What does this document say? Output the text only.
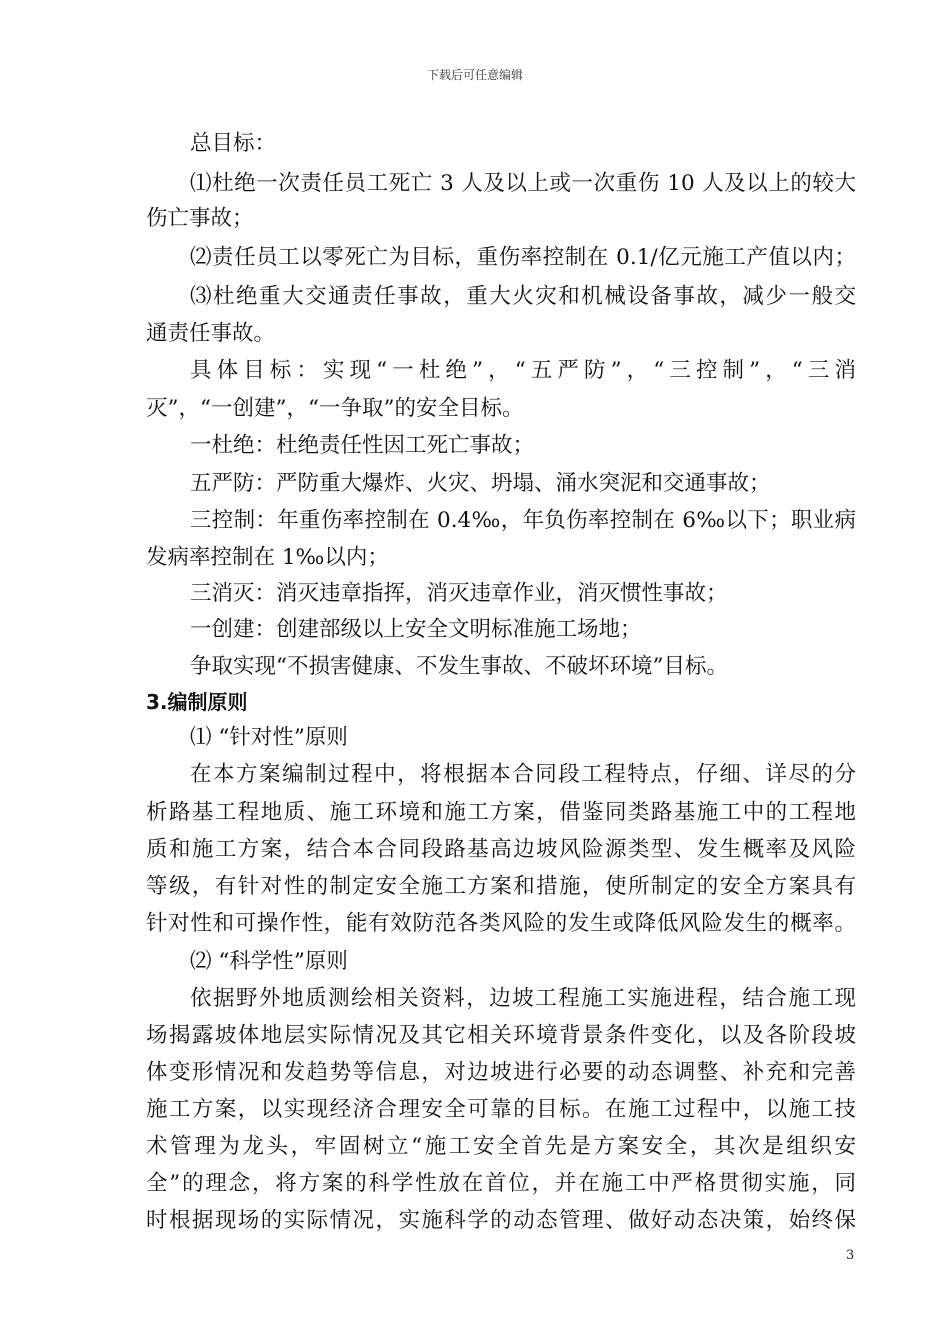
下载后可任意编辑
总目标：
⑴杜绝一次责任员工死亡 3 人及以上或一次重伤 10 人及以上的较大
伤亡事故；
⑵责任员工以零死亡为目标，重伤率控制在 0.1/亿元施工产值以内；
⑶杜绝重大交通责任事故，重大火灾和机械设备事故，减少一般交
通责任事故。
具体目标：实现“一杜绝”，“五严防”，“三控制”，“三消
灭”，“一创建”，“一争取”的安全目标。
一杜绝：杜绝责任性因工死亡事故；
五严防：严防重大爆炸、火灾、坍塌、涌水突泥和交通事故；
三控制：年重伤率控制在 0.4‰，年负伤率控制在 6‰以下；职业病
发病率控制在 1‰以内；
三消灭：消灭违章指挥，消灭违章作业，消灭惯性事故；
一创建：创建部级以上安全文明标准施工场地；
争取实现“不损害健康、不发生事故、不破坏环境”目标。
3.编制原则
⑴ “针对性”原则
在本方案编制过程中，将根据本合同段工程特点，仔细、详尽的分
析路基工程地质、施工环境和施工方案，借鉴同类路基施工中的工程地
质和施工方案，结合本合同段路基高边坡风险源类型、发生概率及风险
等级，有针对性的制定安全施工方案和措施，使所制定的安全方案具有
针对性和可操作性，能有效防范各类风险的发生或降低风险发生的概率。
⑵ “科学性”原则
依据野外地质测绘相关资料，边坡工程施工实施进程，结合施工现
场揭露坡体地层实际情况及其它相关环境背景条件变化，以及各阶段坡
体变形情况和发趋势等信息，对边坡进行必要的动态调整、补充和完善
施工方案，以实现经济合理安全可靠的目标。在施工过程中，以施工技
术管理为龙头，牢固树立“施工安全首先是方案安全，其次是组织安
全”的理念，将方案的科学性放在首位，并在施工中严格贯彻实施，同
时根据现场的实际情况，实施科学的动态管理、做好动态决策，始终保
3
